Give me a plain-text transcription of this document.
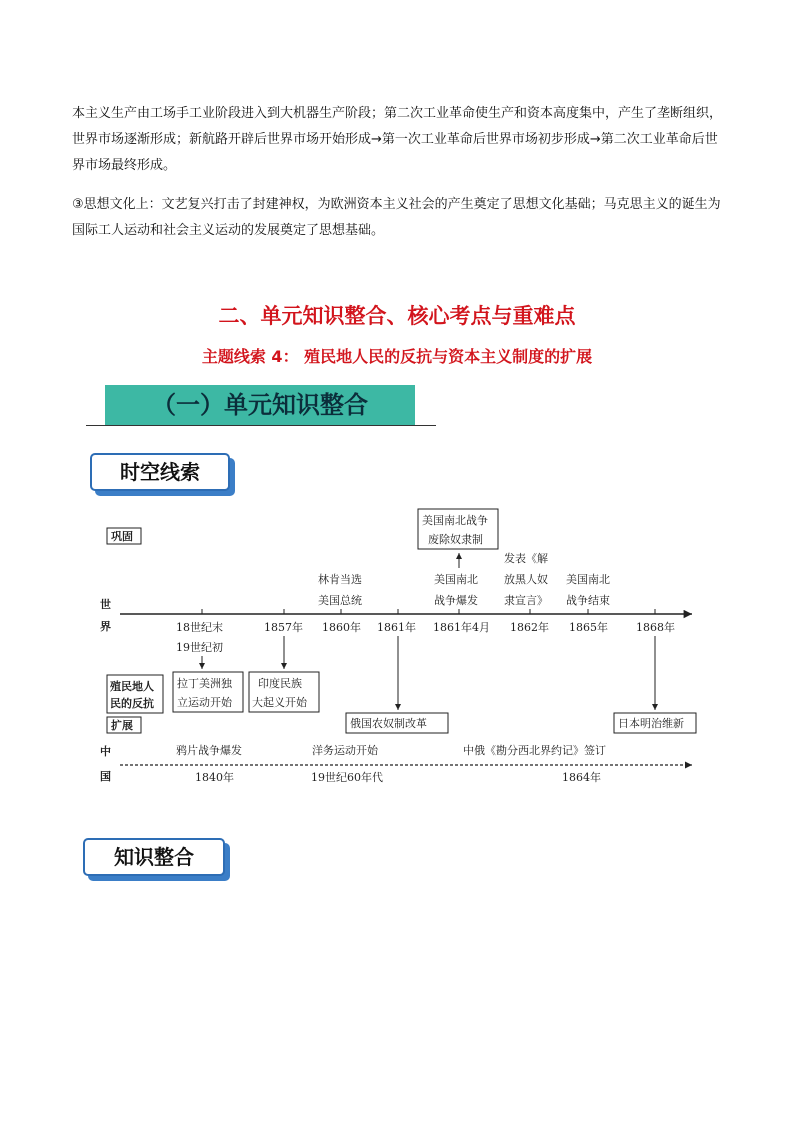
本主义生产由工场手工业阶段进入到大机器生产阶段；第二次工业革命使生产和资本高度集中，产生了垄断组织，世界市场逐渐形成；新航路开辟后世界市场开始形成→第一次工业革命后世界市场初步形成→第二次工业革命后世界市场最终形成。

③思想文化上：文艺复兴打击了封建神权，为欧洲资本主义社会的产生奠定了思想文化基础；马克思主义的诞生为国际工人运动和社会主义运动的发展奠定了思想基础。

二、单元知识整合、核心考点与重难点
主题线索 4： 殖民地人民的反抗与资本主义制度的扩展
（一）单元知识整合
时空线索
巩固
殖民地人
民的反抗
扩展
世
界
中
国
18世纪末
19世纪初
1857年 1860年 1861年 1861年4月 1862年 1865年	1868年
林肯当选
美国总统
美国南北
战争爆发
发表《解
放黑人奴
隶宣言》
美国南北
战争结束
美国南北战争
废除奴隶制
拉丁美洲独
立运动开始
印度民族
大起义开始
俄国农奴制改革	日本明治维新
鸦片战争爆发	洋务运动开始	中俄《勘分西北界约记》签订
1840年	19世纪60年代	1864年
知识整合
